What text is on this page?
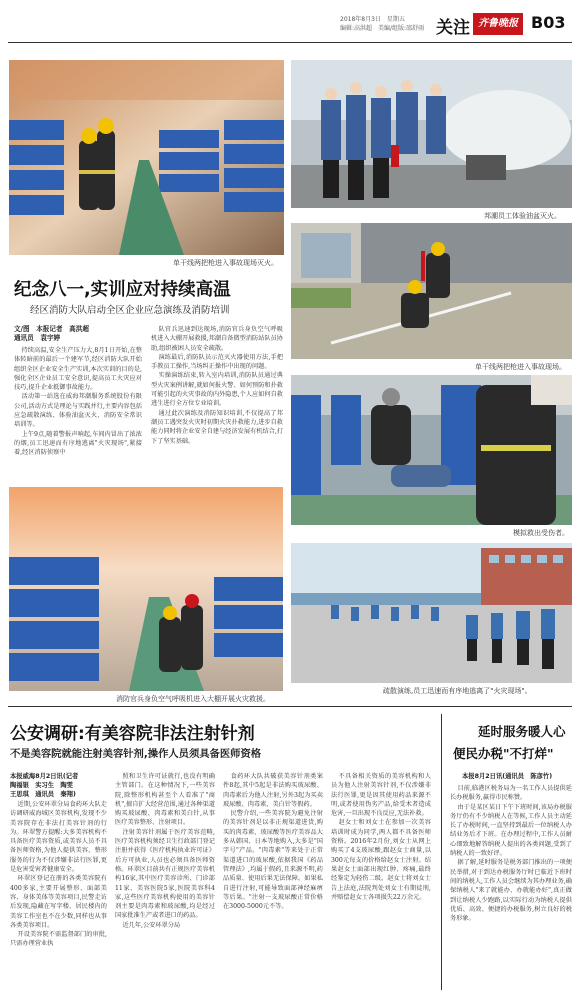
2018年8月3日　星期五
编辑:高洪超　美编/组版:邵舒雨 关注 齐鲁晚报 B03
单干线两把枪进入事故现场灭火。
邦潮员工体验油盆灭火。
纪念八一,实训应对持续高温
经区消防大队启动全区企业应急演练及消防培训
单干线两把枪进入事故现场。
文/图　本报记者　高洪超
通讯员　袁宇婷

持续高温,安全生产压力大,8月1日开始,在整体转暗前的最后一个建军节,经区消防大队开始组织全区企业安全生产实训,本次实训的目的是,强化全区企业员工安全意识,提高员工火灾应对技巧,提升企业抵御事故能力。

活动第一站选在威海邦潮服务系统股份有限公司,活动方式是理论与实践并行,主要内容包括应急疏散演练、体验油盆灭火、消防安全常识培训等。

上午9点,随着警报声响起,车间内冒出了浓浓的烟,员工迅速而有序地逃离"火灾现场",紧接着,经区消防侦察中

队官兵迅速到达现场,消防官兵身负空气呼吸机进入大棚开展救援,邦潮自备微型消防站队员协助,组织被困人员安全疏散。

演练最后,消防队员示范灭火器使用方法,手把手教员工操作,当场纠正操作中出现的问题。

实操演练结束,转入室内培训,消防队员通过典型火灾案例讲解,就如何报火警、如何预防和扑救可能引起的火灾事故的内外隐患,个人应如何自救逃生进行全方位专业培训。

通过此次演练及消防知识培训,不仅提高了邦潮员工遇突发火灾时初期火灾扑救能力,进步自救能力同时将企业安全自建与经济发展有机结合,打下了坚实基础。

模拟救出受伤者。
消防官兵身负空气呼吸机进入大棚开展火灾救援。
疏散演练,员工迅速而有序地逃离了"火灾现场"。
公安调研:有美容院非法注射针剂
不是美容院就能注射美容针剂,操作人员须具备医师资格
本报威海8月2日讯(记者
陶福银　实习生　陶雯
王思琪　通讯员　秦翔)

近期,公安环翠分局食药环大队走访调研威海城区美容机构,发现不少美容院存在非法打美容针剂的行为。环翠警方提醒:大多美容机构不具备医疗美容资质,或美容人员不具备医师资格,为他人提供美容、整形服务的行为不仅涉嫌非法行医罪,更是危害受害者健康安全。

环翠区登记在册的各类美容院有400多家,主要开展整形、面部美容、身体美体等美容项目,民警走访后发现,隐藏在写字楼、居民楼内的美容工作室也不在少数,同样也从事各类美容项目。

开设美容院不需监督部门的审批,只需办理营业执

照和卫生许可证就行,也没有明确主管部门。在这种情况下,一些美容院,除整形机构甚至个人看准了"商机",擅自扩大经营范围,通过各种渠道购买玻尿酸、肉毒素和美白针,从事医疗美容整形、注射项目。

注射美容针剂属于医疗美容范畴,医疗美容机构须经卫生行政部门登记注册并获得《医疗机构执业许可证》后方可执业,人员也必须具备医师资格。环翠区目前共有正规医疗美容机构16家,其中医疗美容诊所、门诊部11家、美容医院5家,医院美容科4家,这些医疗美容机构使用的美容针剂主要是肉毒素和玻尿酸,均是经过国家批准生产或者进口的药品。

近几年,公安环翠分局

食药环大队共破获美容针剂类案件8起,其中5起是非法购买玻尿酸、肉毒素后为他人注射,另外3起为买卖玻尿酸、肉毒素、美白针等假药。

民警介绍,一些美容院为避免注射的美容针剂是以非正规渠道进货,购买的肉毒素、玻尿酸等医疗美容品大多从韩国、日本等地购入,大多是"国字号"产品。"肉毒素"等来处于正常渠道进口的玻尿酸,依据我国《药品管理法》,均属于假药,且来源不明,药品质量、使用后果无法保障。如果私自进行注射,可能导致面部神经麻痹等后果。"注射一支玻尿酸正常价格在3000-5000元不等。

不具备相关资质的美容机构和人员为他人注射美容针剂,不仅涉嫌非法行医罪,更是因其使用药品来源不明,或者使用伪劣产品,给受术者造成危害,一旦出现不良反应,无法补救。

赵女士和刘女士在参加一次美容培训时成为同学,两人都不具备医师资格。2016年2月份,刘女士从网上购买了4支玻尿酸,跟赵女士商量,以300元每支的价格给赵女士注射。结果赵女士面部出现红肿、疼痛,最终经鉴定为轻伤二级。赵女士将刘女士告上法庭,法院判处刘女士有期徒刑,并赔偿赵女士各项损失22万余元。

延时服务暖人心
便民办税"不打烊"
本报8月2日讯(通讯员　陈彦竹)

目前,临港区税务局为一名工作人员提供延长办税服务,赢得市民称赞。

由于是某区某日下午下班时间,该局办税服务厅仍有不少纳税人在等候,工作人员主动延长了办税时间,一直坚持到最后一位纳税人办结业务后才下班。在办理过程中,工作人员耐心细致地解答纳税人提出的各类问题,受到了纳税人的一致好评。

据了解,延时服务是税务部门推出的一项便民举措,对于到达办税服务厅时已临近下班时间的纳税人,工作人员会继续为其办理业务,确保纳税人"来了就能办、办就能办好",真正做到让纳税人少跑路,以实际行动为纳税人提供优质、高效、便捷的办税服务,树立良好的税务形象。
